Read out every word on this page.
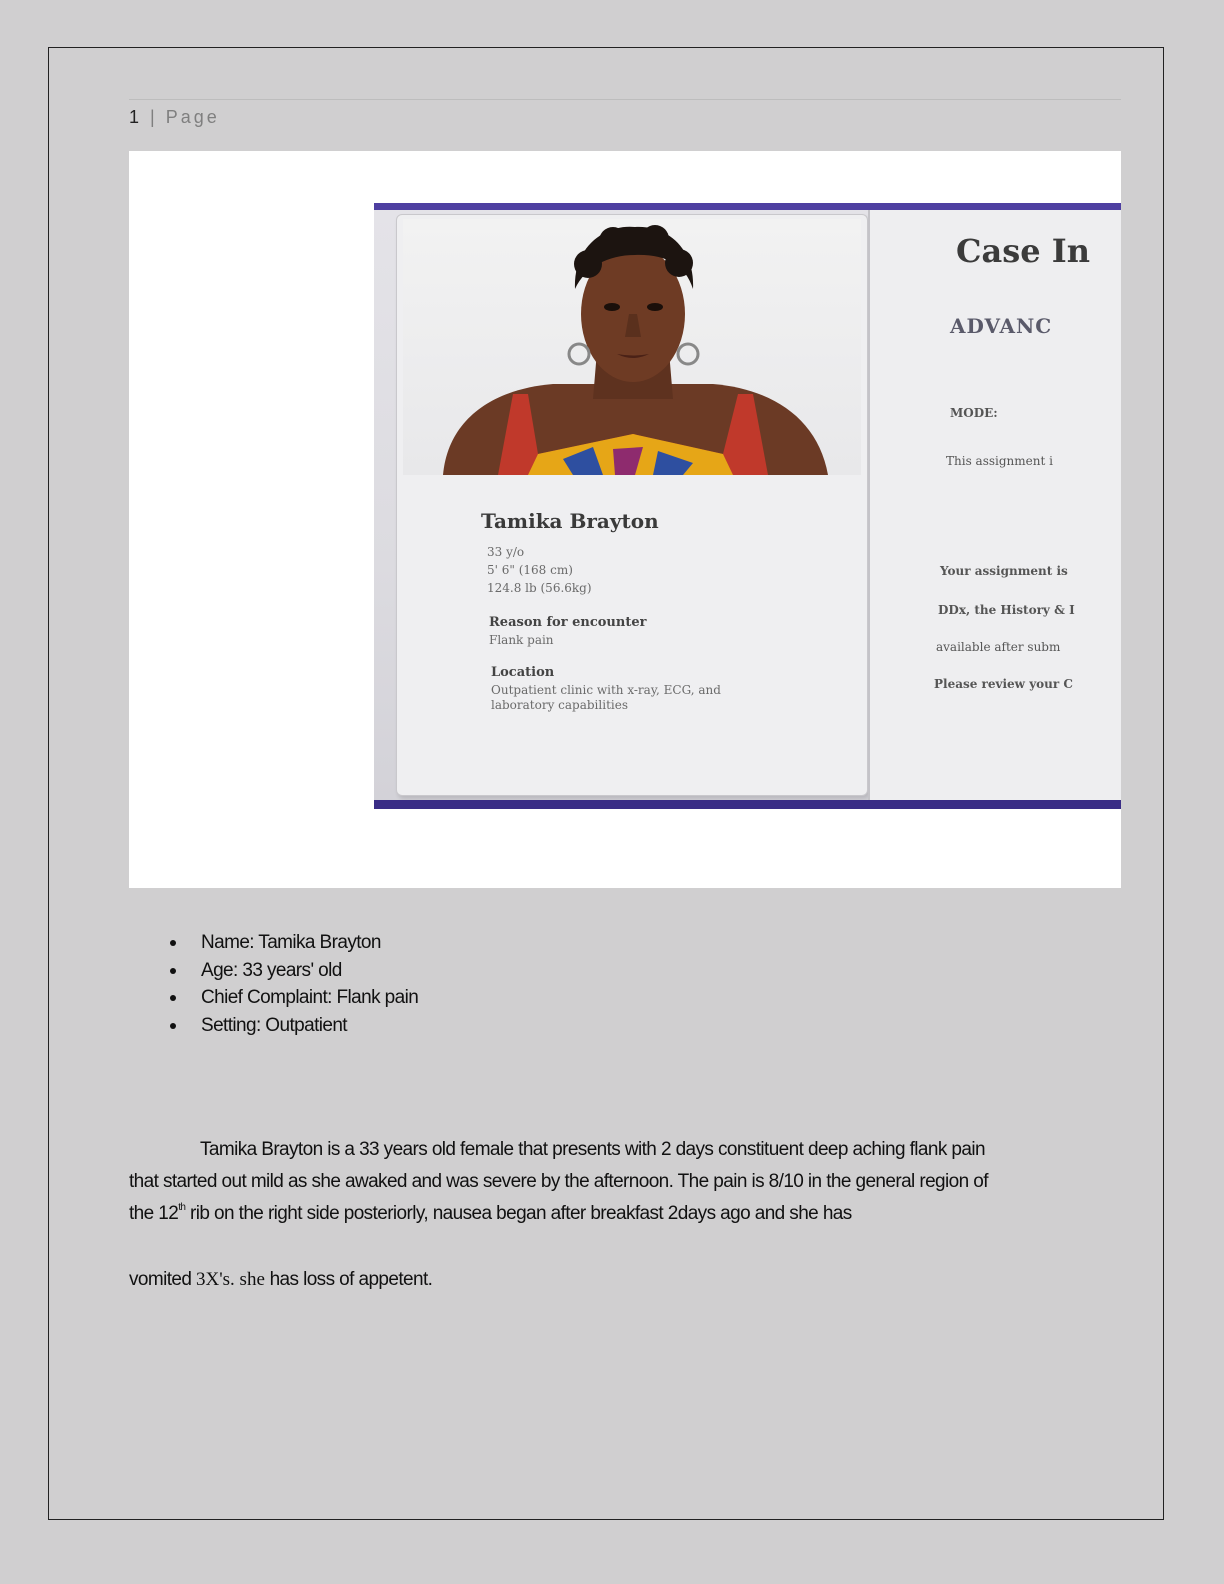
1 | Page
Tamika Brayton
33 y/o
5' 6" (168 cm)
124.8 lb (56.6kg)
Reason for encounter
Flank pain
Location
Outpatient clinic with x-ray, ECG, and
laboratory capabilities
Case In
ADVANC
MODE:
This assignment i
Your assignment is
DDx, the History & I
available after subm
Please review your C
Name: Tamika Brayton
Age: 33 years' old
Chief Complaint: Flank pain
Setting: Outpatient
Tamika Brayton is a 33 years old female that presents with 2 days constituent deep aching flank pain
that started out mild as she awaked and was severe by the afternoon. The pain is 8/10 in the general region of
the 12th rib on the right side posteriorly, nausea began after breakfast 2days ago and she has
vomited 3X's. she has loss of appetent.
